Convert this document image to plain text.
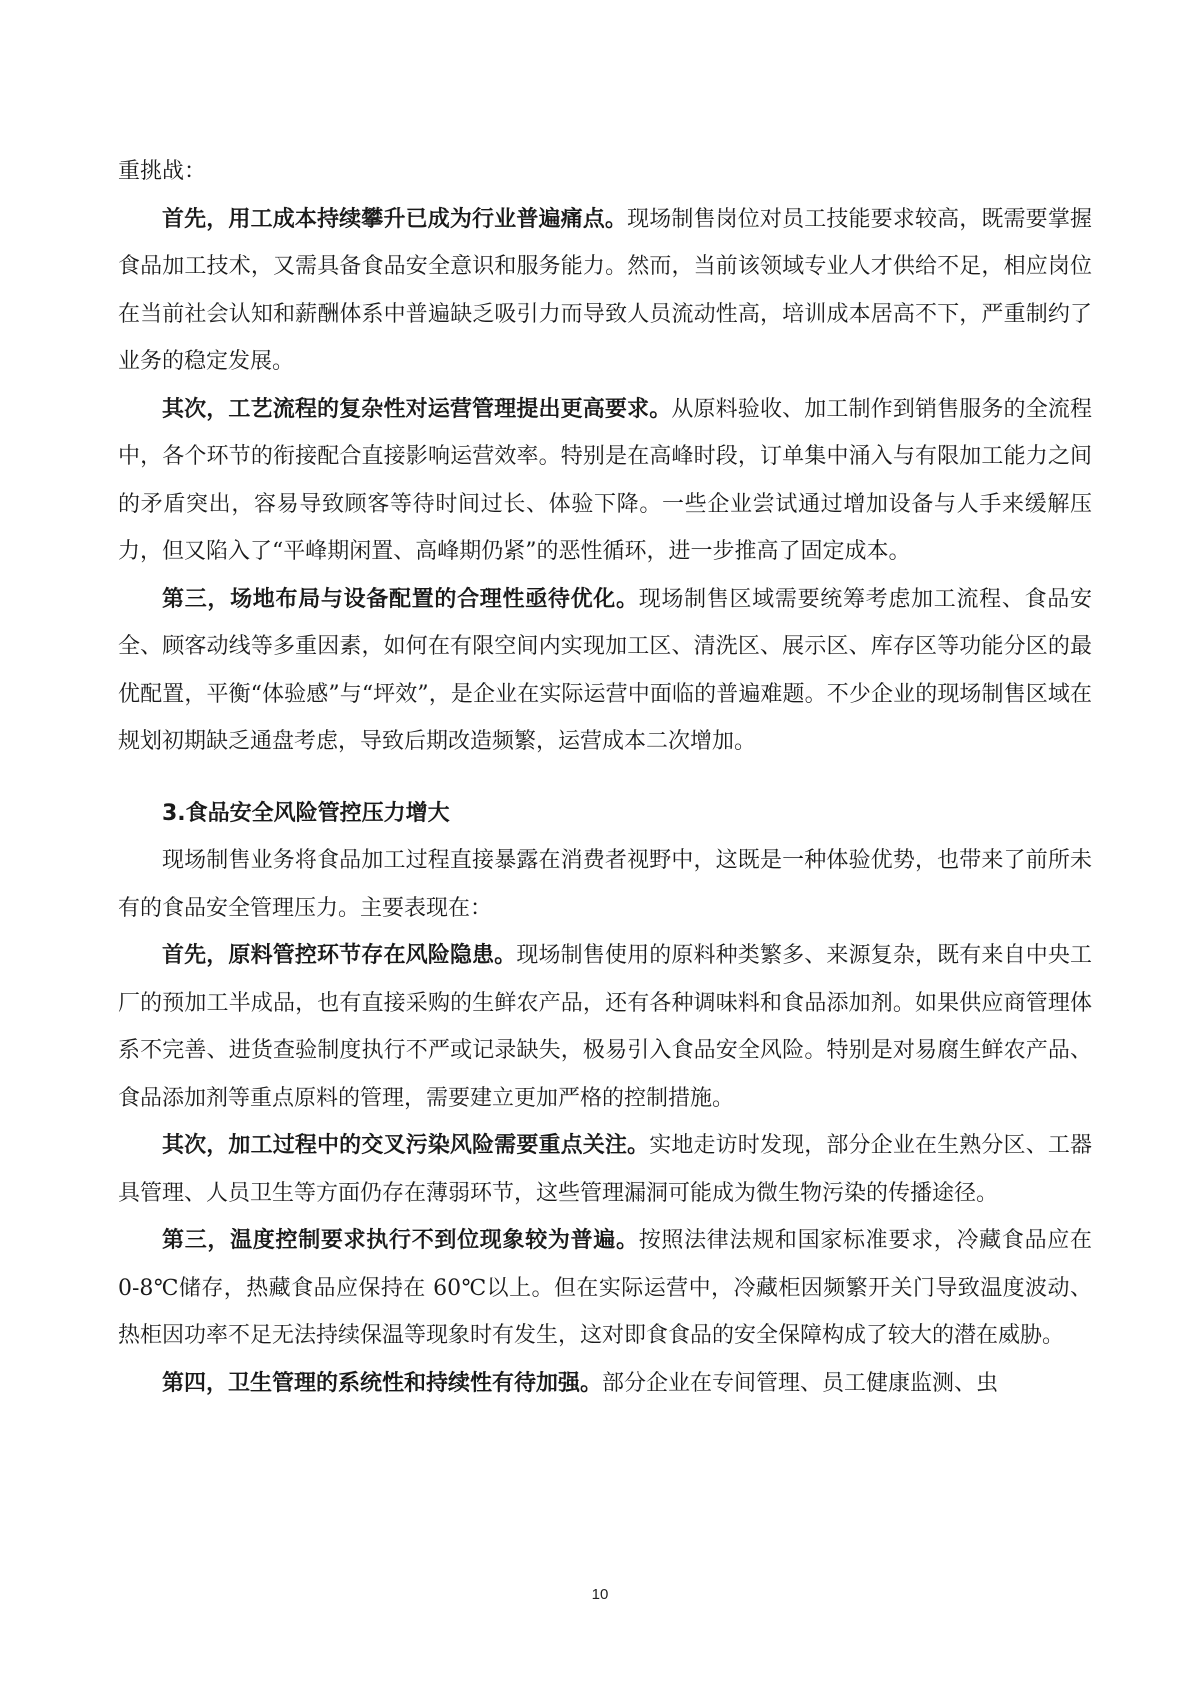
重挑战：

首先，用工成本持续攀升已成为行业普遍痛点。现场制售岗位对员工技能要求较高，既需要掌握食品加工技术，又需具备食品安全意识和服务能力。然而，当前该领域专业人才供给不足，相应岗位在当前社会认知和薪酬体系中普遍缺乏吸引力而导致人员流动性高，培训成本居高不下，严重制约了业务的稳定发展。

其次，工艺流程的复杂性对运营管理提出更高要求。从原料验收、加工制作到销售服务的全流程中，各个环节的衔接配合直接影响运营效率。特别是在高峰时段，订单集中涌入与有限加工能力之间的矛盾突出，容易导致顾客等待时间过长、体验下降。一些企业尝试通过增加设备与人手来缓解压力，但又陷入了“平峰期闲置、高峰期仍紧”的恶性循环，进一步推高了固定成本。

第三，场地布局与设备配置的合理性亟待优化。现场制售区域需要统筹考虑加工流程、食品安全、顾客动线等多重因素，如何在有限空间内实现加工区、清洗区、展示区、库存区等功能分区的最优配置，平衡“体验感”与“坪效”，是企业在实际运营中面临的普遍难题。不少企业的现场制售区域在规划初期缺乏通盘考虑，导致后期改造频繁，运营成本二次增加。

3.食品安全风险管控压力增大

现场制售业务将食品加工过程直接暴露在消费者视野中，这既是一种体验优势，也带来了前所未有的食品安全管理压力。主要表现在：

首先，原料管控环节存在风险隐患。现场制售使用的原料种类繁多、来源复杂，既有来自中央工厂的预加工半成品，也有直接采购的生鲜农产品，还有各种调味料和食品添加剂。如果供应商管理体系不完善、进货查验制度执行不严或记录缺失，极易引入食品安全风险。特别是对易腐生鲜农产品、食品添加剂等重点原料的管理，需要建立更加严格的控制措施。

其次，加工过程中的交叉污染风险需要重点关注。实地走访时发现，部分企业在生熟分区、工器具管理、人员卫生等方面仍存在薄弱环节，这些管理漏洞可能成为微生物污染的传播途径。

第三，温度控制要求执行不到位现象较为普遍。按照法律法规和国家标准要求，冷藏食品应在 0-8℃储存，热藏食品应保持在 60℃以上。但在实际运营中，冷藏柜因频繁开关门导致温度波动、热柜因功率不足无法持续保温等现象时有发生，这对即食食品的安全保障构成了较大的潜在威胁。

第四，卫生管理的系统性和持续性有待加强。部分企业在专间管理、员工健康监测、虫

10
